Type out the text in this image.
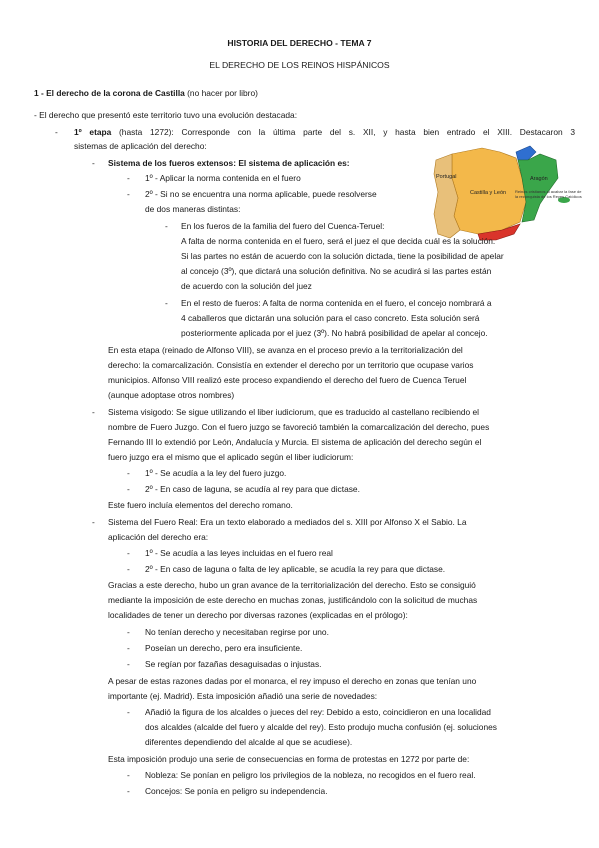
HISTORIA DEL DERECHO - TEMA 7
EL DERECHO DE LOS REINOS HISPÁNICOS
1 - El derecho de la corona de Castilla (no hacer por libro)
- El derecho que presentó este territorio tuvo una evolución destacada:
- 1º etapa (hasta 1272): Corresponde con la última parte del s. XII, y hasta bien entrado el XIII. Destacaron 3
sistemas de aplicación del derecho:
Portugal
Castilla y León
Aragón
Reinos cristianos al acabar la fase de la reconquista de los Reyes Católicos
- Sistema de los fueros extensos: El sistema de aplicación es:
- 1º - Aplicar la norma contenida en el fuero
- 2º - Si no se encuentra una norma aplicable, puede resolverse
de dos maneras distintas:
- En los fueros de la familia del fuero del Cuenca-Teruel:
A falta de norma contenida en el fuero, será el juez el que decida cuál es la solución.
Si las partes no están de acuerdo con la solución dictada, tiene la posibilidad de apelar
al concejo (3º), que dictará una solución definitiva. No se acudirá si las partes están
de acuerdo con la solución del juez
- En el resto de fueros: A falta de norma contenida en el fuero, el concejo nombrará a
4 caballeros que dictarán una solución para el caso concreto. Esta solución será
posteriormente aplicada por el juez (3º). No habrá posibilidad de apelar al concejo.
En esta etapa (reinado de Alfonso VIII), se avanza en el proceso previo a la territorialización del
derecho: la comarcalización. Consistía en extender el derecho por un territorio que ocupase varios
municipios. Alfonso VIII realizó este proceso expandiendo el derecho del fuero de Cuenca Teruel
(aunque adoptase otros nombres)
- Sistema visigodo: Se sigue utilizando el liber iudiciorum, que es traducido al castellano recibiendo el
nombre de Fuero Juzgo. Con el fuero juzgo se favoreció también la comarcalización del derecho, pues
Fernando III lo extendió por León, Andalucía y Murcia. El sistema de aplicación del derecho según el
fuero juzgo era el mismo que el aplicado según el liber iudiciorum:
- 1º - Se acudía a la ley del fuero juzgo.
- 2º - En caso de laguna, se acudía al rey para que dictase.
Este fuero incluía elementos del derecho romano.
- Sistema del Fuero Real: Era un texto elaborado a mediados del s. XIII por Alfonso X el Sabio. La
aplicación del derecho era:
- 1º - Se acudía a las leyes incluidas en el fuero real
- 2º - En caso de laguna o falta de ley aplicable, se acudía la rey para que dictase.
Gracias a este derecho, hubo un gran avance de la territorialización del derecho. Esto se consiguió
mediante la imposición de este derecho en muchas zonas, justificándolo con la solicitud de muchas
localidades de tener un derecho por diversas razones (explicadas en el prólogo):
- No tenían derecho y necesitaban regirse por uno.
- Poseían un derecho, pero era insuficiente.
- Se regían por fazañas desaguisadas o injustas.
A pesar de estas razones dadas por el monarca, el rey impuso el derecho en zonas que tenían uno
importante (ej. Madrid). Esta imposición añadió una serie de novedades:
- Añadió la figura de los alcaldes o jueces del rey: Debido a esto, coincidieron en una localidad
dos alcaldes (alcalde del fuero y alcalde del rey). Esto produjo mucha confusión (ej. soluciones
diferentes dependiendo del alcalde al que se acudiese).
Esta imposición produjo una serie de consecuencias en forma de protestas en 1272 por parte de:
- Nobleza: Se ponían en peligro los privilegios de la nobleza, no recogidos en el fuero real.
- Concejos: Se ponía en peligro su independencia.
